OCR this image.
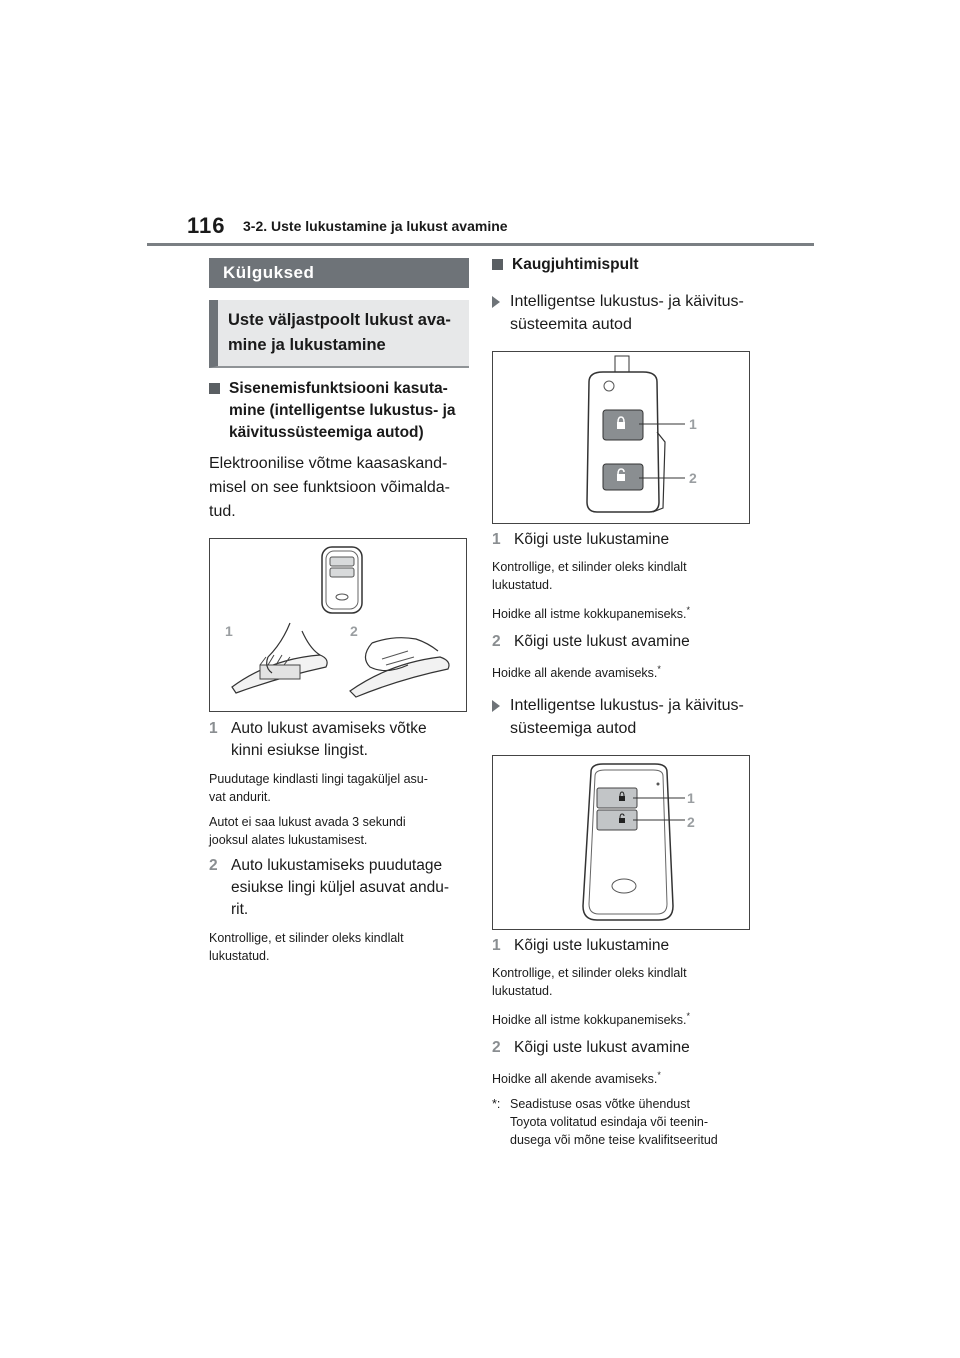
116 3-2. Uste lukustamine ja lukust avamine
Külguksed
Uste väljastpoolt lukust ava-
mine ja lukustamine
Sisenemisfunktsiooni kasuta-
mine (intelligentse lukustus- ja
käivitussüsteemiga autod)
Elektroonilise võtme kaasaskand-
misel on see funktsioon võimalda-
tud.
1	2
1 Auto lukust avamiseks võtke
kinni esiukse lingist.
Puudutage kindlasti lingi tagaküljel asu-
vat andurit.
Autot ei saa lukust avada 3 sekundi
jooksul alates lukustamisest.
2 Auto lukustamiseks puudutage
esiukse lingi küljel asuvat andu-
rit.
Kontrollige, et silinder oleks kindlalt
lukustatud.
Kaugjuhtimispult
Intelligentse lukustus- ja käivitus-
süsteemita autod
1
2
1 Kõigi uste lukustamine
Kontrollige, et silinder oleks kindlalt
lukustatud.
Hoidke all istme kokkupanemiseks.*
2 Kõigi uste lukust avamine
Hoidke all akende avamiseks.*
Intelligentse lukustus- ja käivitus-
süsteemiga autod
1
2
1 Kõigi uste lukustamine
Kontrollige, et silinder oleks kindlalt
lukustatud.
Hoidke all istme kokkupanemiseks.*
2 Kõigi uste lukust avamine
Hoidke all akende avamiseks.*
*: Seadistuse osas võtke ühendust
Toyota volitatud esindaja või teenin-
dusega või mõne teise kvalifitseeritud
